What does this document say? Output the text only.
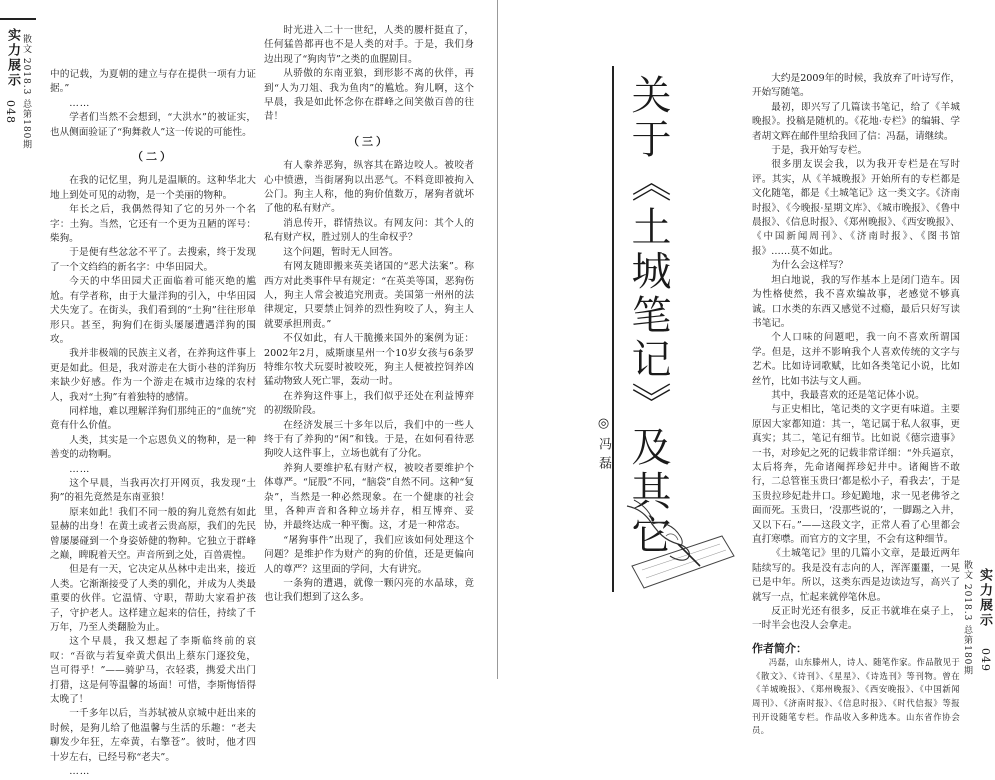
实力展示 散文 2018.3 总第180期
048

中的记载，为夏朝的建立与存在提供一项有力证据。”

……

学者们当然不会想到，“大洪水”的被证实，也从侧面验证了“狗舞救人”这一传说的可能性。

（二）

在我的记忆里，狗儿是温顺的。这种华北大地上到处可见的动物，是一个美丽的物种。

年长之后，我偶然得知了它的另外一个名字：土狗。当然，它还有一个更为丑陋的诨号：柴狗。

于是便有些忿忿不平了。去搜索，终于发现了一个文绉绉的新名字：中华田园犬。

今天的中华田园犬正面临着可能灭绝的尴尬。有学者称，由于大量洋狗的引入，中华田园犬失宠了。在街头，我们看到的“土狗”往往形单形只。甚至，狗狗们在街头屡屡遭遇洋狗的围攻。

我并非极端的民族主义者，在养狗这件事上更是如此。但是，我对游走在大街小巷的洋狗历来缺少好感。作为一个游走在城市边缘的农村人，我对“土狗”有着独特的感情。

同样地，难以理解洋狗们那纯正的“血统”究竟有什么价值。

人类，其实是一个忘恩负义的物种，是一种善变的动物啊。

……

这个早晨，当我再次打开网页，我发现“土狗”的祖先竟然是东南亚狼！

原来如此！我们不同一般的狗儿竟然有如此显赫的出身！在黄土或者云贵高原，我们的先民曾屡屡碰到一个身姿娇健的物种。它独立于群峰之巅，睥睨着天空。声音所到之处，百兽震惶。

但是有一天，它决定从丛林中走出来，接近人类。它渐渐接受了人类的驯化，并成为人类最重要的伙伴。它温情、守职，帮助大家看护孩子，守护老人。这样建立起来的信任，持续了千万年，乃至人类翻脸为止。

这个早晨，我又想起了李斯临终前的哀叹：“吾欲与若复牵黄犬俱出上蔡东门逐狡兔，岂可得乎！”——骑驴马，衣轻裘，携爱犬出门打猎，这是何等温馨的场面！可惜，李斯悔悟得太晚了！

一千多年以后，当苏轼被从京城中赶出来的时候，是狗儿给了他温馨与生活的乐趣：“老夫聊发少年狂，左牵黄，右擎苍”。彼时，他才四十岁左右，已经号称“老夫”。

……

时光进入二十一世纪，人类的腰杆挺直了，任何猛兽都再也不是人类的对手。于是，我们身边出现了“狗肉节”之类的血腥剧目。

从骄傲的东南亚狼，到形影不离的伙伴，再到“人为刀俎、我为鱼肉”的尴尬。狗儿啊，这个早晨，我是如此怀念你在群峰之间笑傲百兽的往昔！

（三）

有人豢养恶狗，纵容其在路边咬人。被咬者心中愤懑，当街屠狗以出恶气。不料竟即被拘入公门。狗主人称，他的狗价值数万，屠狗者就坏了他的私有财产。

消息传开，群情热议。有网友问：其个人的私有财产权，胜过别人的生命权乎？

这个问题，暂时无人回答。

有网友随即搬来英美诸国的“恶犬法案”。称西方对此类事件早有规定：“在英美等国，恶狗伤人，狗主人常会被追究刑责。美国第一州州的法律规定，只要禁止饲养的烈性狗咬了人，狗主人就要承担刑责。”

不仅如此，有人干脆搬来国外的案例为证：2002年2月，威斯康星州一个10岁女孩与6条罗特维尔牧犬玩耍时被咬死，狗主人便被控饲养凶猛动物致人死亡罪，轰动一时。

在养狗这件事上，我们似乎还处在利益博弈的初级阶段。

在经济发展三十多年以后，我们中的一些人终于有了养狗的“闲”和钱。于是，在如何看待恶狗咬人这件事上，立场也就有了分化。

养狗人要维护私有财产权，被咬者要维护个体尊严。“屁股”不同，“脑袋”自然不同。这种“复杂”，当然是一种必然现象。在一个健康的社会里，各种声音和各种立场并存，相互博弈、妥协，并最终达成一种平衡。这，才是一种常态。

“屠狗事件”出现了，我们应该如何处理这个问题？是维护作为财产的狗的价值，还是更偏向人的尊严？这里面的学问，大有讲究。

一条狗的遭遇，就像一颗闪亮的水晶球，竟也让我们想到了这么多。

关于《土城笔记》及其它
◎冯磊

大约是2009年的时候，我放弃了叶诗写作，开始写随笔。

最初，即兴写了几篇读书笔记，给了《羊城晚报》。投稿是随机的。《花地·专栏》的编辑、学者胡文辉在邮件里给我回了信：冯磊，请继续。

于是，我开始写专栏。

很多朋友误会我，以为我开专栏是在写时评。其实，从《羊城晚报》开始所有的专栏都是文化随笔，都是《土城笔记》这一类文字。《济南时报》、《今晚报·星期文库》、《城市晚报》、《鲁中晨报》、《信息时报》、《郑州晚报》、《西安晚报》、《中国新闻周刊》、《济南时报》、《图书馆报》……莫不如此。

为什么会这样写？

坦白地说，我的写作基本上是闭门造车。因为性格使然，我不喜欢编故事，老感觉不够真诚。口水类的东西又感觉不过瘾，最后只好写读书笔记。

个人口味的问题吧，我一向不喜欢所谓国学。但是，这并不影响我个人喜欢传统的文字与艺术。比如诗词歌赋，比如各类笔记小说，比如丝竹，比如书法与文人画。

其中，我最喜欢的还是笔记体小说。

与正史相比，笔记类的文字更有味道。主要原因大家都知道：其一，笔记属于私人叙事，更真实；其二，笔记有细节。比如说《德宗遗事》一书，对珍妃之死的记载非常详细：“外兵逼京，太后将奔，先命诸阉挥珍妃井中。诸阉皆不敢行，二总管崔玉贵曰‘都是松小子，看我去’，于是玉贵拉珍妃赴井口。珍妃跪地，求一见老佛爷之面而死。玉贵曰，‘没那些说的’，一脚踢之入井，又以下石。”——这段文字，正常人看了心里都会直打寒噤。而官方的文字里，不会有这种细节。

《土城笔记》里的几篇小文章，是最近两年陆续写的。我是没有志向的人，浑浑噩噩，一晃已是中年。所以，这类东西是边读边写，高兴了就写一点，忙起来就停笔休息。

反正时光还有很多，反正书就堆在桌子上，一时半会也没人会拿走。

作者简介：

冯磊，山东滕州人，诗人、随笔作家。作品散见于《散文》、《诗刊》、《星星》、《诗选刊》等刊物。曾在《羊城晚报》、《郑州晚报》、《西安晚报》、《中国新闻周刊》、《济南时报》、《信息时报》、《时代信报》等报刊开设随笔专栏。作品收入多种选本。山东省作协会员。

散文 2018.3 总第180期 实力展示
049
